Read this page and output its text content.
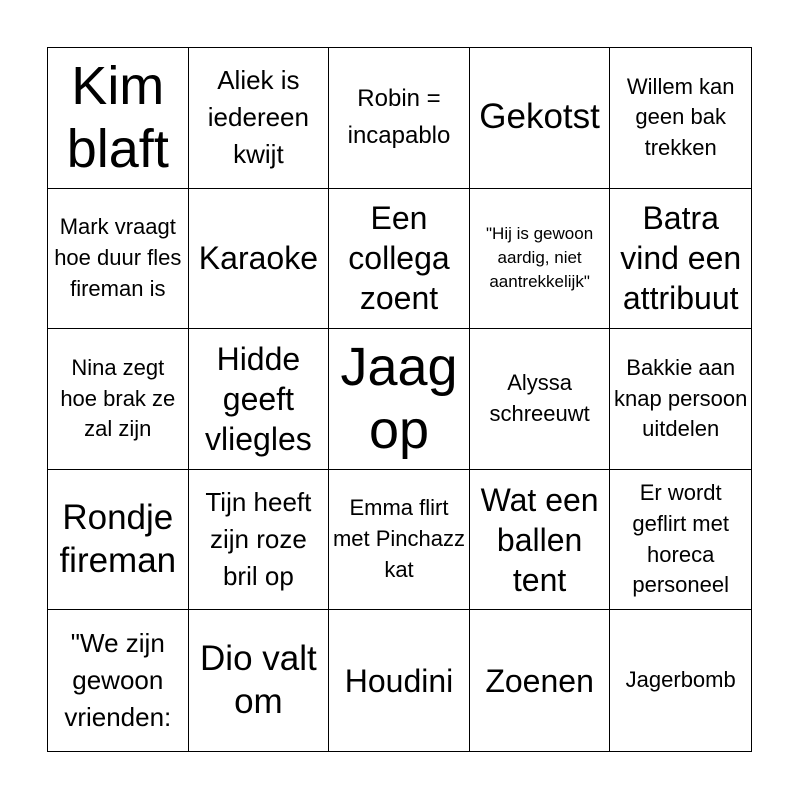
Kim blaft
Aliek is iedereen kwijt
Robin = incapablo Gekotst
Willem kan geen bak trekken
Mark vraagt hoe duur fles fireman is
Karaoke
Een collega zoent
"Hij is gewoon aardig, niet aantrekkelijk"
Batra vind een attribuut
Nina zegt hoe brak ze zal zijn
Hidde geeft vliegles
Jaag op
Alyssa schreeuwt
Bakkie aan knap persoon uitdelen
Rondje fireman
Tijn heeft zijn roze bril op
Emma flirt met Pinchazz kat
Wat een ballen tent
Er wordt geflirt met horeca personeel
"We zijn gewoon vrienden:
Dio valt om
Houdini	Zoenen	Jagerbomb
